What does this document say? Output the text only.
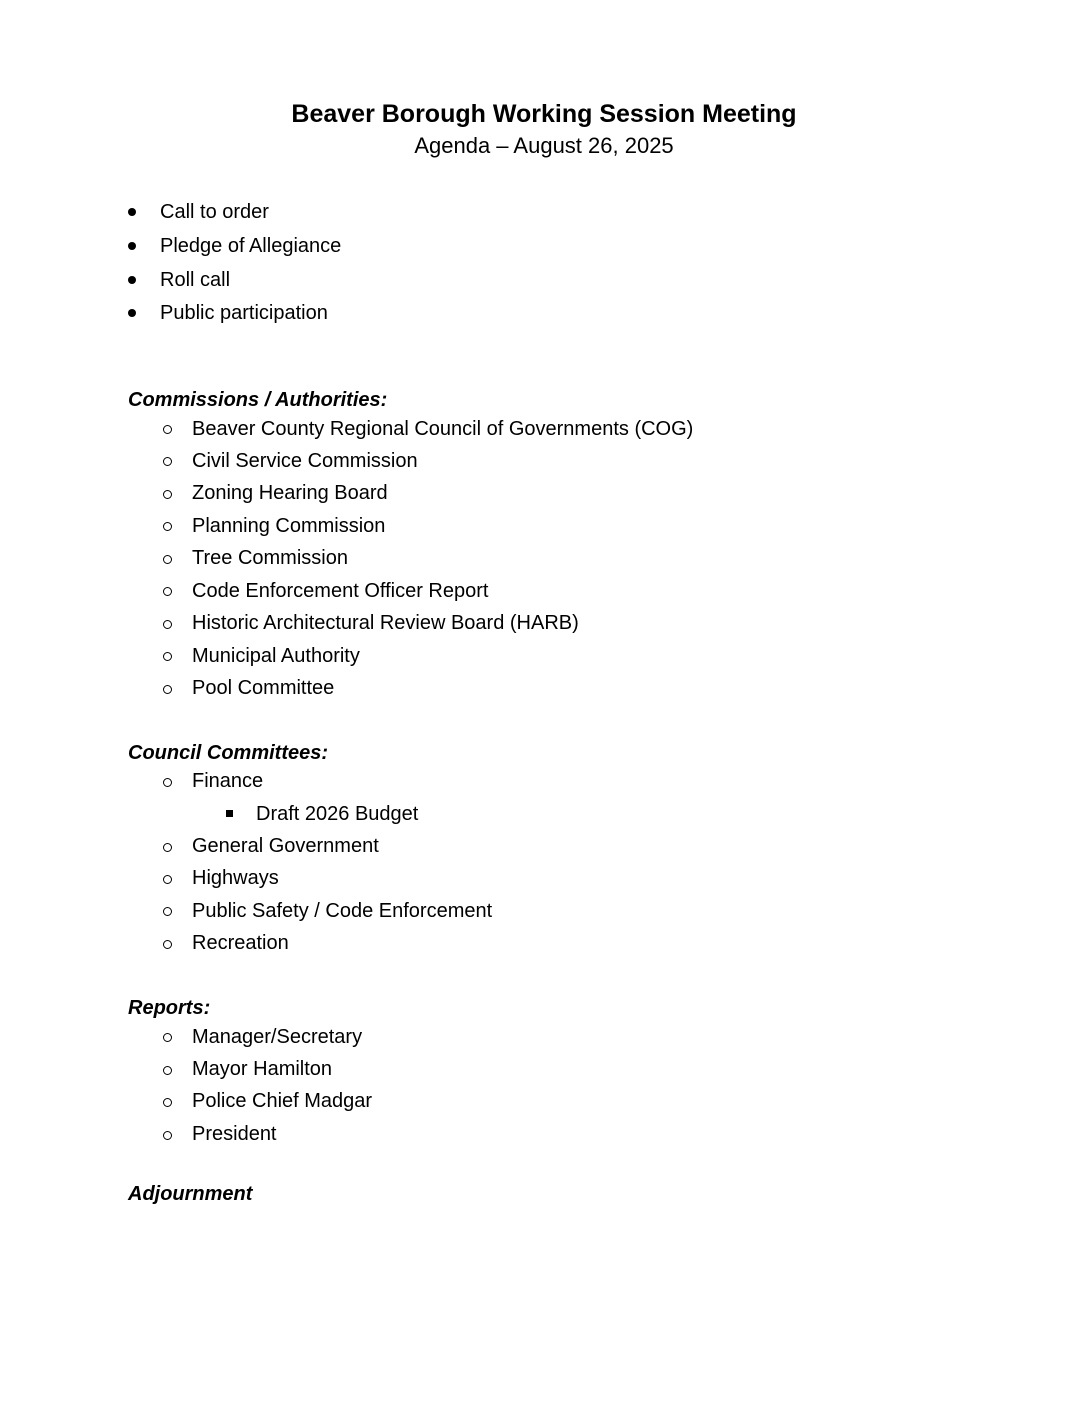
Beaver Borough Working Session Meeting
Agenda – August 26, 2025
Call to order
Pledge of Allegiance
Roll call
Public participation
Commissions / Authorities:
Beaver County Regional Council of Governments (COG)
Civil Service Commission
Zoning Hearing Board
Planning Commission
Tree Commission
Code Enforcement Officer Report
Historic Architectural Review Board (HARB)
Municipal Authority
Pool Committee
Council Committees:
Finance
Draft 2026 Budget
General Government
Highways
Public Safety / Code Enforcement
Recreation
Reports:
Manager/Secretary
Mayor Hamilton
Police Chief Madgar
President
Adjournment
